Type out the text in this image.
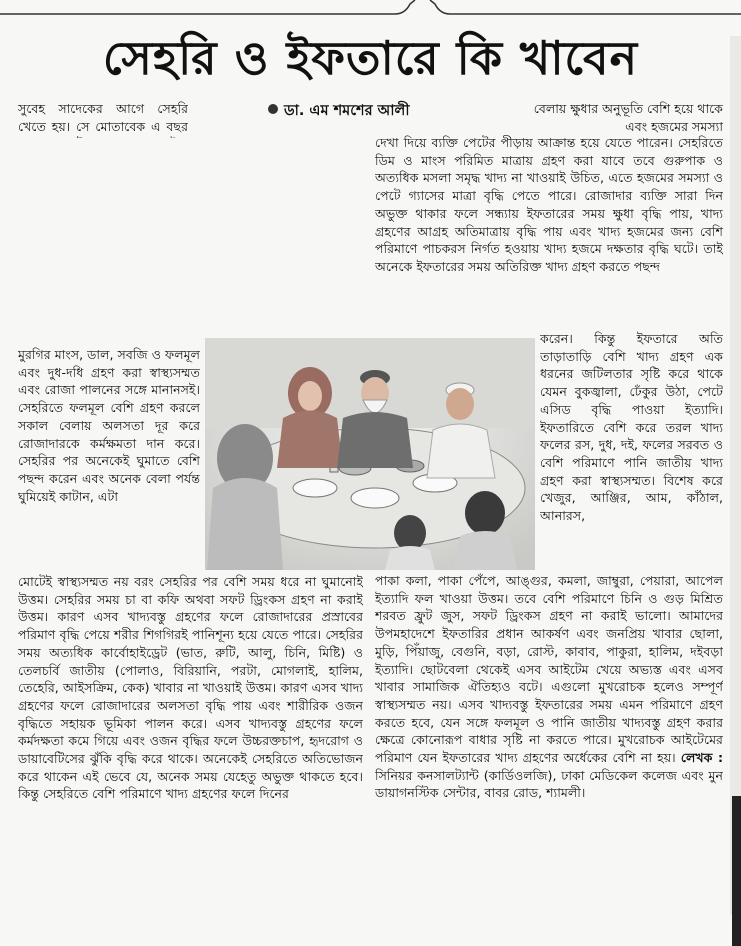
সেহরি ও ইফতারে কি খাবেন
ডা. এম শমশের আলী

সুবেহ সাদেকের আগে সেহরি খেতে হয়। সে মোতাবেক এ বছর

মুরগির মাংস, ডাল, সবজি ও ফলমূল এবং দুধ-দধি গ্রহণ করা স্বাস্থ্যসম্মত এবং রোজা পালনের সঙ্গে মানানসই। সেহরিতে ফলমূল বেশি গ্রহণ করলে সকাল বেলায় অলসতা দূর করে রোজাদারকে কর্মক্ষমতা দান করে। সেহরির পর অনেকেই ঘুমাতে বেশি পছন্দ করেন এবং অনেক বেলা পর্যন্ত ঘুমিয়েই কাটান, এটা

মোটেই স্বাস্থ্যসম্মত নয় বরং সেহরির পর বেশি সময় ধরে না ঘুমানোই উত্তম। সেহরির সময় চা বা কফি অথবা সফট ড্রিংকস গ্রহণ না করাই উত্তম। কারণ এসব খাদ্যবস্তু গ্রহণের ফলে রোজাদারের প্রস্রাবের পরিমাণ বৃদ্ধি পেয়ে শরীর শিগগিরই পানিশূন্য হয়ে যেতে পারে। সেহরির সময় অত্যধিক কার্বোহাইড্রেট (ভাত, রুটি, আলু, চিনি, মিষ্টি) ও তেলচর্বি জাতীয় (পোলাও, বিরিয়ানি, পরটা, মোগলাই, হালিম, তেহেরি, আইসক্রিম, কেক) খাবার না খাওয়াই উত্তম। কারণ এসব খাদ্য গ্রহণের ফলে রোজাদারের অলসতা বৃদ্ধি পায় এবং শারীরিক ওজন বৃদ্ধিতে সহায়ক ভূমিকা পালন করে। এসব খাদ্যবস্তু গ্রহণের ফলে কর্মদক্ষতা কমে গিয়ে এবং ওজন বৃদ্ধির ফলে উচ্চরক্তচাপ, হৃদরোগ ও ডায়াবেটিসের ঝুঁকি বৃদ্ধি করে থাকে। অনেকেই সেহরিতে অতিভোজন করে থাকেন এই ভেবে যে, অনেক সময় যেহেতু অভুক্ত থাকতে হবে। কিন্তু সেহরিতে বেশি পরিমাণে খাদ্য গ্রহণের ফলে দিনের

বেলায় ক্ষুধার অনুভূতি বেশি হয়ে থাকে এবং হজমের সমস্যা

দেখা দিয়ে ব্যক্তি পেটের পীড়ায় আক্রান্ত হয়ে যেতে পারেন। সেহরিতে ডিম ও মাংস পরিমিত মাত্রায় গ্রহণ করা যাবে তবে গুরুপাক ও অত্যধিক মসলা সমৃদ্ধ খাদ্য না খাওয়াই উচিত, এতে হজমের সমস্যা ও পেটে গ্যাসের মাত্রা বৃদ্ধি পেতে পারে। রোজাদার ব্যক্তি সারা দিন অভুক্ত থাকার ফলে সন্ধ্যায় ইফতারের সময় ক্ষুধা বৃদ্ধি পায়, খাদ্য গ্রহণের আগ্রহ অতিমাত্রায় বৃদ্ধি পায় এবং খাদ্য হজমের জন্য বেশি পরিমাণে পাচকরস নির্গত হওয়ায় খাদ্য হজমে দক্ষতার বৃদ্ধি ঘটে। তাই অনেকে ইফতারের সময় অতিরিক্ত খাদ্য গ্রহণ করতে পছন্দ

করেন। কিন্তু ইফতারে অতি তাড়াতাড়ি বেশি খাদ্য গ্রহণ এক ধরনের জটিলতার সৃষ্টি করে থাকে যেমন বুকজ্বালা, ঢেঁকুর উঠা, পেটে এসিড বৃদ্ধি পাওয়া ইত্যাদি। ইফতারিতে বেশি করে তরল খাদ্য ফলের রস, দুধ, দই, ফলের সরবত ও বেশি পরিমাণে পানি জাতীয় খাদ্য গ্রহণ করা স্বাস্থ্যসম্মত। বিশেষ করে খেজুর, আঞ্জির, আম, কাঁঠাল, আনারস,

পাকা কলা, পাকা পেঁপে, আঙ্গুর, কমলা, জাম্বুরা, পেয়ারা, আপেল ইত্যাদি ফল খাওয়া উত্তম। তবে বেশি পরিমাণে চিনি ও গুড় মিশ্রিত শরবত ফ্রুট জুস, সফট ড্রিংকস গ্রহণ না করাই ভালো। আমাদের উপমহাদেশে ইফতারির প্রধান আকর্ষণ এবং জনপ্রিয় খাবার ছোলা, মুড়ি, পিঁয়াজু, বেগুনি, বড়া, রোস্ট, কাবাব, পাকুরা, হালিম, দইবড়া ইত্যাদি। ছোটবেলা থেকেই এসব আইটেম খেয়ে অভ্যস্ত এবং এসব খাবার সামাজিক ঐতিহ্যও বটে। এগুলো মুখরোচক হলেও সম্পূর্ণ স্বাস্থ্যসম্মত নয়। এসব খাদ্যবস্তু ইফতারের সময় এমন পরিমাণে গ্রহণ করতে হবে, যেন সঙ্গে ফলমূল ও পানি জাতীয় খাদ্যবস্তু গ্রহণ করার ক্ষেত্রে কোনোরূপ বাধার সৃষ্টি না করতে পারে। মুখরোচক আইটেমের পরিমাণ যেন ইফতারের খাদ্য গ্রহণের অর্ধেকের বেশি না হয়। লেখক : সিনিয়র কনসালট্যান্ট (কার্ডিওলজি), ঢাকা মেডিকেল কলেজ এবং মুন ডায়াগনস্টিক সেন্টার, বাবর রোড, শ্যামলী।
